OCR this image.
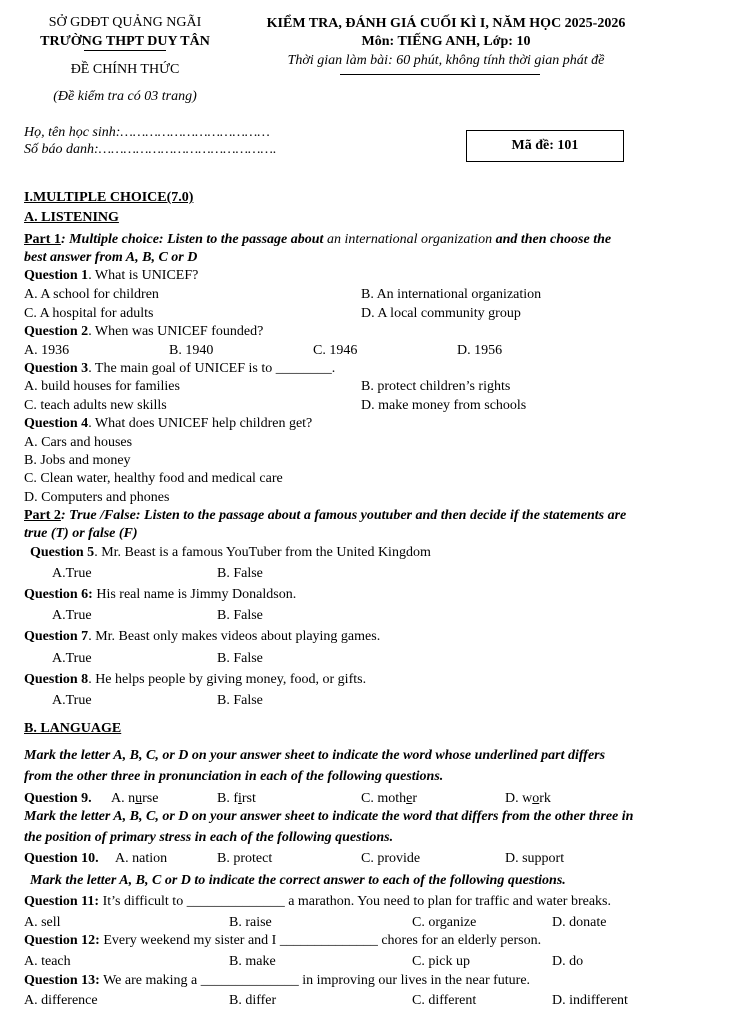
SỞ GDĐT QUẢNG NGÃI
TRƯỜNG THPT DUY TÂN
ĐỀ CHÍNH THỨC
(Đề kiểm tra có 03 trang)
KIỂM TRA, ĐÁNH GIÁ CUỐI KÌ I, NĂM HỌC 2025-2026
Môn: TIẾNG ANH, Lớp: 10
Thời gian làm bài: 60 phút, không tính thời gian phát đề
Họ, tên học sinh:………………………………
Số báo danh:…………………………………….	Mã đề: 101
I.MULTIPLE CHOICE(7.0)
A. LISTENING
Part 1: Multiple choice: Listen to the passage about an international organization and then choose the
best answer from A, B, C or D
Question 1. What is UNICEF?
A. A school for children	B. An international organization
C. A hospital for adults	D. A local community group
Question 2. When was UNICEF founded?
A. 1936	B. 1940	C. 1946	D. 1956
Question 3. The main goal of UNICEF is to ________.
A. build houses for families	B. protect children’s rights
C. teach adults new skills	D. make money from schools
Question 4. What does UNICEF help children get?
A. Cars and houses
B. Jobs and money
C. Clean water, healthy food and medical care
D. Computers and phones
Part 2: True /False: Listen to the passage about a famous youtuber and then decide if the statements are
true (T) or false (F)
Question 5. Mr. Beast is a famous YouTuber from the United Kingdom
A.True	B. False
Question 6: His real name is Jimmy Donaldson.
A.True	B. False
Question 7. Mr. Beast only makes videos about playing games.
A.True	B. False
Question 8. He helps people by giving money, food, or gifts.
A.True	B. False
B. LANGUAGE
Mark the letter A, B, C, or D on your answer sheet to indicate the word whose underlined part differs
from the other three in pronunciation in each of the following questions.
Question 9. A. nurse	B. first	C. mother	D. work
Mark the letter A, B, C, or D on your answer sheet to indicate the word that differs from the other three in
the position of primary stress in each of the following questions.
Question 10. A. nation	B. protect	C. provide	D. support
Mark the letter A, B, C or D to indicate the correct answer to each of the following questions.
Question 11: It’s difficult to ______________ a marathon. You need to plan for traffic and water breaks.
A. sell	B. raise	C. organize	D. donate
Question 12: Every weekend my sister and I ______________ chores for an elderly person.
A. teach	B. make	C. pick up	D. do
Question 13: We are making a ______________ in improving our lives in the near future.
A. difference	B. differ	C. different	D. indifferent
